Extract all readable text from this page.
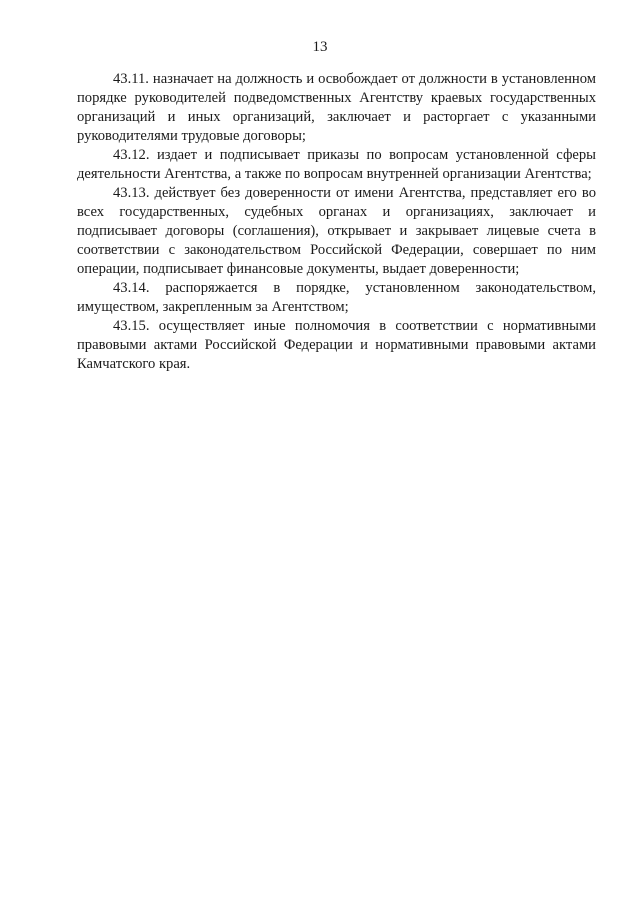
13

43.11. назначает на должность и освобождает от должности в установленном порядке руководителей подведомственных Агентству краевых государственных организаций и иных организаций, заключает и расторгает с указанными руководителями трудовые договоры;

43.12. издает и подписывает приказы по вопросам установленной сферы деятельности Агентства, а также по вопросам внутренней организации Агентства;

43.13. действует без доверенности от имени Агентства, представляет его во всех государственных, судебных органах и организациях, заключает и подписывает договоры (соглашения), открывает и закрывает лицевые счета в соответствии с законодательством Российской Федерации, совершает по ним операции, подписывает финансовые документы, выдает доверенности;

43.14. распоряжается в порядке, установленном законодательством, имуществом, закрепленным за Агентством;

43.15. осуществляет иные полномочия в соответствии с нормативными правовыми актами Российской Федерации и нормативными правовыми актами Камчатского края.
